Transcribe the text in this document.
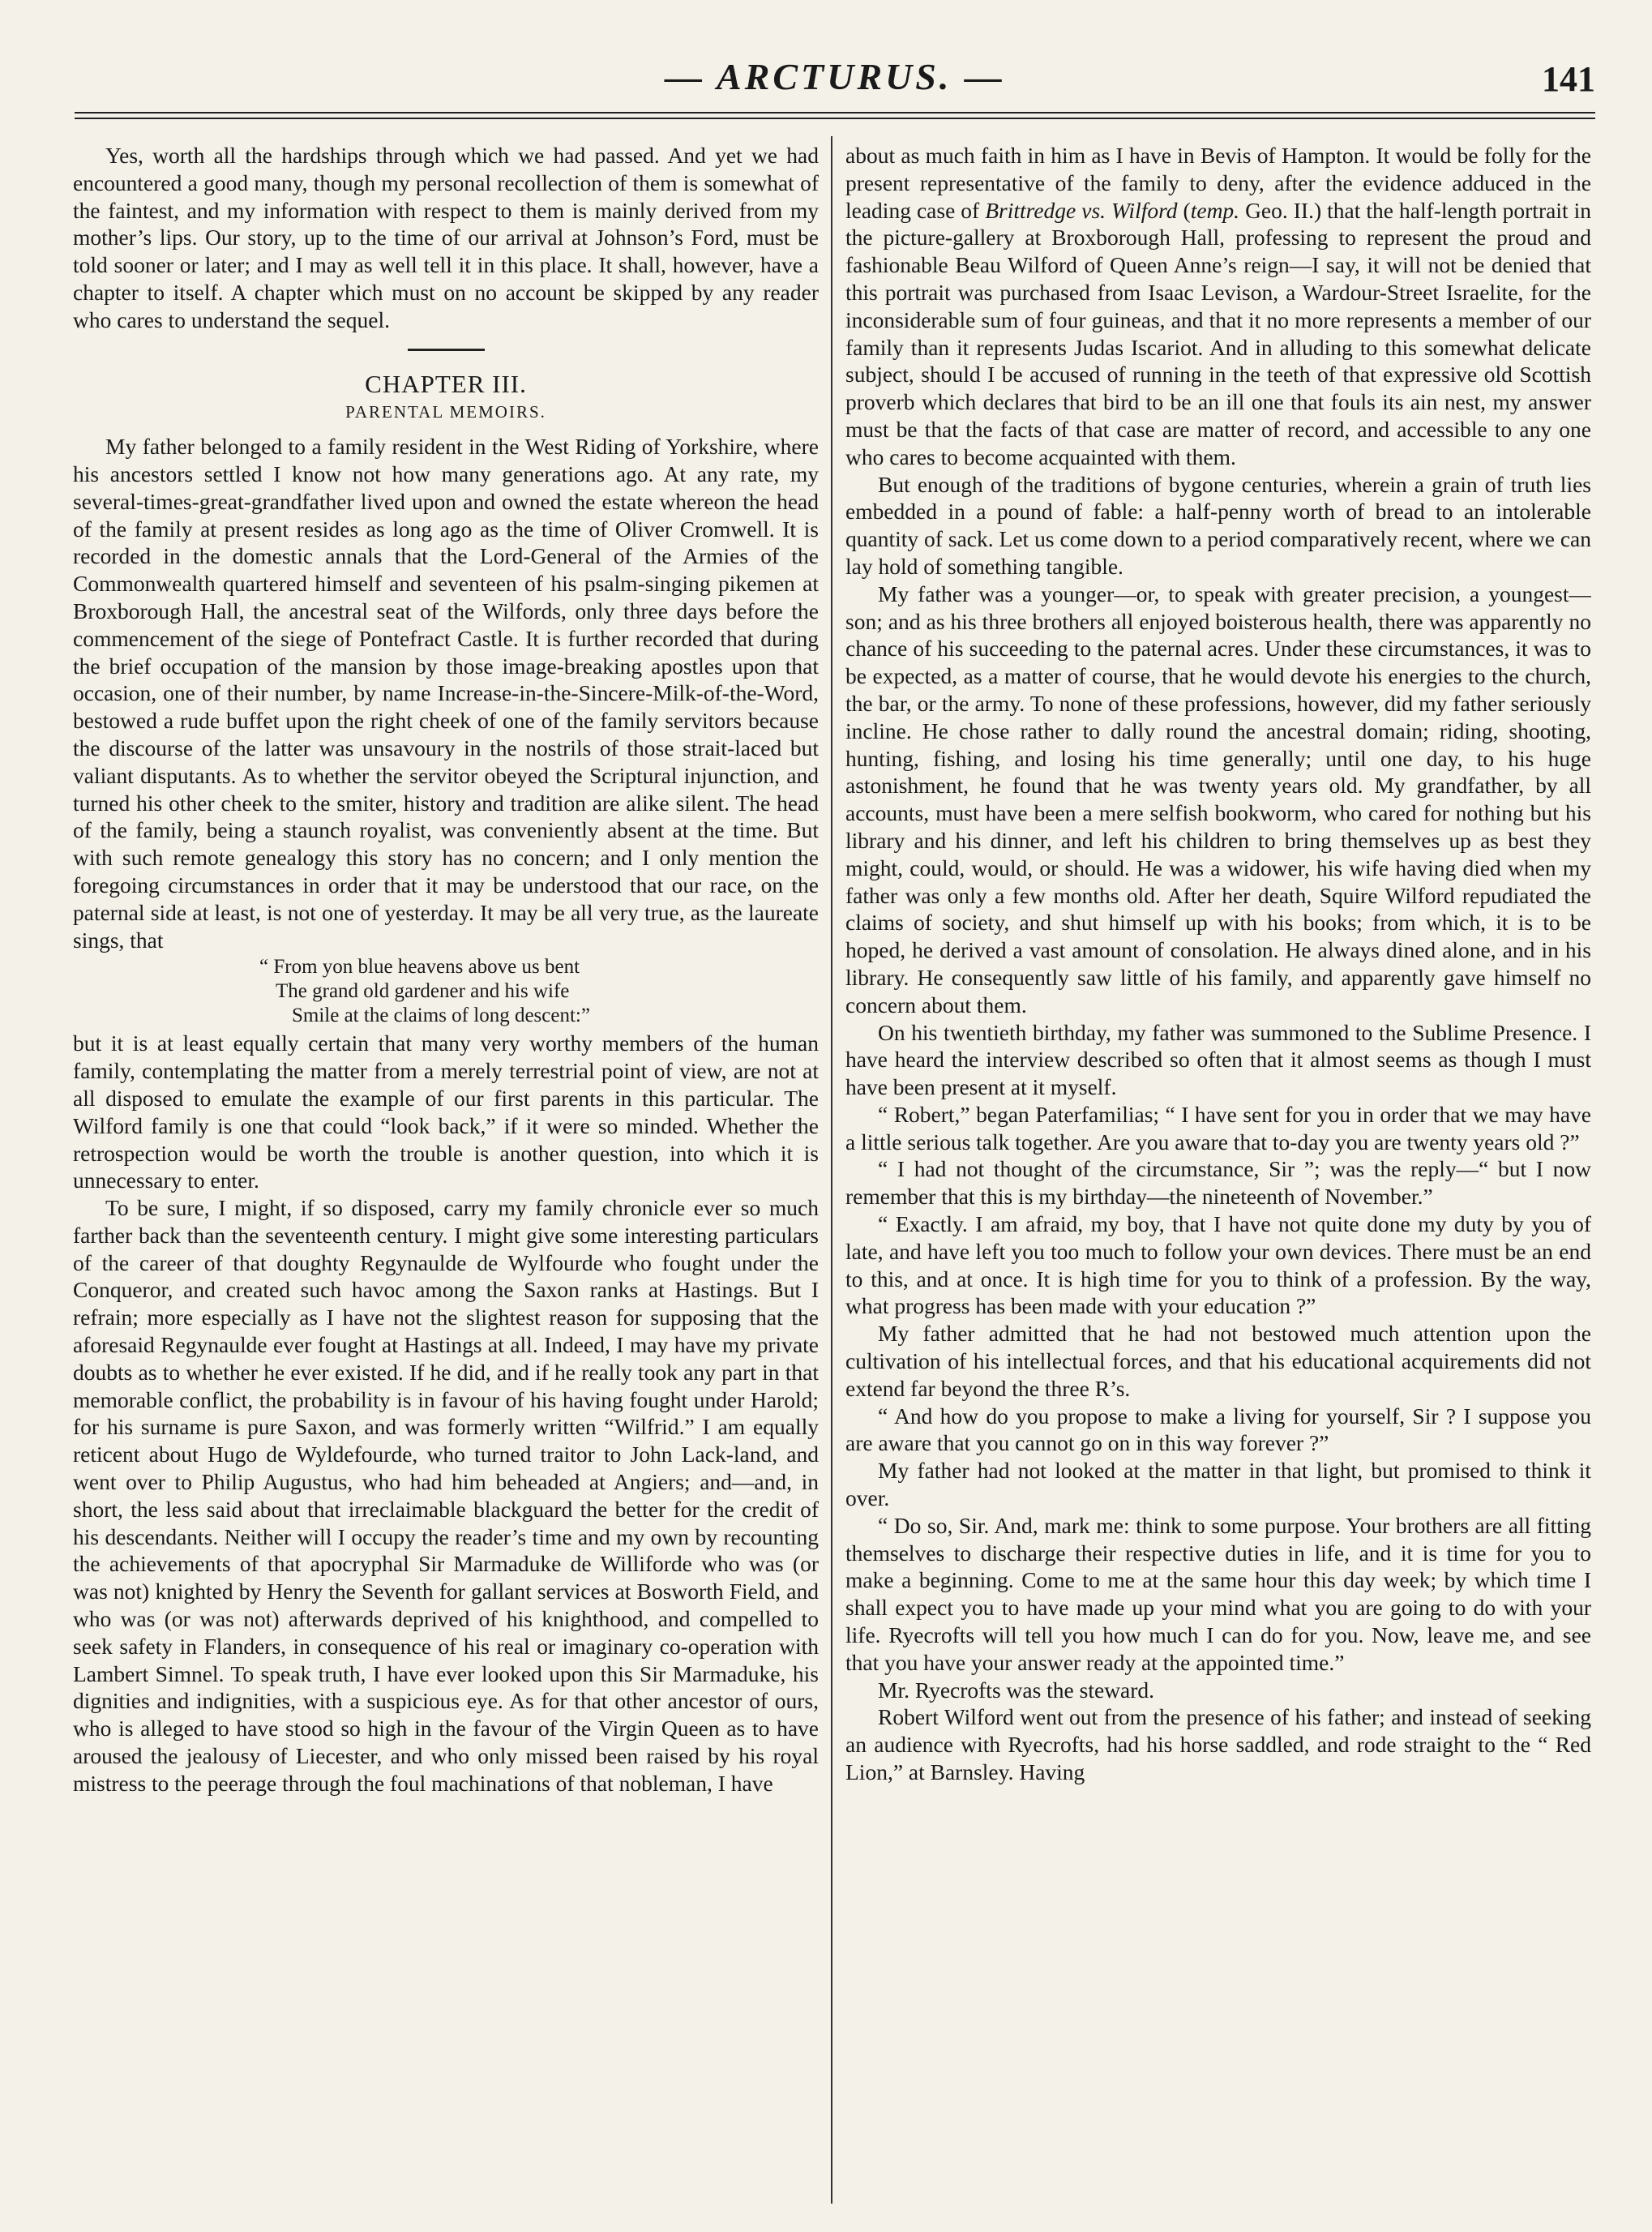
— ARCTURUS. —	141

Yes, worth all the hardships through which we had passed. And yet we had encountered a good many, though my personal recollection of them is somewhat of the faintest, and my information with respect to them is mainly derived from my mother’s lips. Our story, up to the time of our arrival at Johnson’s Ford, must be told sooner or later; and I may as well tell it in this place. It shall, however, have a chapter to itself. A chapter which must on no account be skipped by any reader who cares to understand the sequel.

CHAPTER III.
PARENTAL MEMOIRS.

My father belonged to a family resident in the West Riding of Yorkshire, where his ancestors settled I know not how many generations ago. At any rate, my several-times-great-grandfather lived upon and owned the estate whereon the head of the family at present resides as long ago as the time of Oliver Cromwell. It is recorded in the domestic annals that the Lord-General of the Armies of the Commonwealth quartered himself and seventeen of his psalm-singing pikemen at Broxborough Hall, the ancestral seat of the Wilfords, only three days before the commencement of the siege of Pontefract Castle. It is further recorded that during the brief occupation of the mansion by those image-breaking apostles upon that occasion, one of their number, by name Increase-in-the-Sincere-Milk-of-the-Word, bestowed a rude buffet upon the right cheek of one of the family servitors because the discourse of the latter was unsavoury in the nostrils of those strait-laced but valiant disputants. As to whether the servitor obeyed the Scriptural injunction, and turned his other cheek to the smiter, history and tradition are alike silent. The head of the family, being a staunch royalist, was conveniently absent at the time. But with such remote genealogy this story has no concern; and I only mention the foregoing circumstances in order that it may be understood that our race, on the paternal side at least, is not one of yesterday. It may be all very true, as the laureate sings, that

“ From yon blue heavens above us bent
The grand old gardener and his wife
Smile at the claims of long descent:”

but it is at least equally certain that many very worthy members of the human family, contemplating the matter from a merely terrestrial point of view, are not at all disposed to emulate the example of our first parents in this particular. The Wilford family is one that could “look back,” if it were so minded. Whether the retrospection would be worth the trouble is another question, into which it is unnecessary to enter.

To be sure, I might, if so disposed, carry my family chronicle ever so much farther back than the seventeenth century. I might give some interesting particulars of the career of that doughty Regynaulde de Wylfourde who fought under the Conqueror, and created such havoc among the Saxon ranks at Hastings. But I refrain; more especially as I have not the slightest reason for supposing that the aforesaid Regynaulde ever fought at Hastings at all. Indeed, I may have my private doubts as to whether he ever existed. If he did, and if he really took any part in that memorable conflict, the probability is in favour of his having fought under Harold; for his surname is pure Saxon, and was formerly written “Wilfrid.” I am equally reticent about Hugo de Wyldefourde, who turned traitor to John Lack-land, and went over to Philip Augustus, who had him beheaded at Angiers; and—and, in short, the less said about that irreclaimable blackguard the better for the credit of his descendants. Neither will I occupy the reader’s time and my own by recounting the achievements of that apocryphal Sir Marmaduke de Williforde who was (or was not) knighted by Henry the Seventh for gallant services at Bosworth Field, and who was (or was not) afterwards deprived of his knighthood, and compelled to seek safety in Flanders, in consequence of his real or imaginary co-operation with Lambert Simnel. To speak truth, I have ever looked upon this Sir Marmaduke, his dignities and indignities, with a suspicious eye. As for that other ancestor of ours, who is alleged to have stood so high in the favour of the Virgin Queen as to have aroused the jealousy of Liecester, and who only missed been raised by his royal mistress to the peerage through the foul machinations of that nobleman, I have

about as much faith in him as I have in Bevis of Hampton. It would be folly for the present representative of the family to deny, after the evidence adduced in the leading case of Brittredge vs. Wilford (temp. Geo. II.) that the half-length portrait in the picture-gallery at Broxborough Hall, professing to represent the proud and fashionable Beau Wilford of Queen Anne’s reign—I say, it will not be denied that this portrait was purchased from Isaac Levison, a Wardour-Street Israelite, for the inconsiderable sum of four guineas, and that it no more represents a member of our family than it represents Judas Iscariot. And in alluding to this somewhat delicate subject, should I be accused of running in the teeth of that expressive old Scottish proverb which declares that bird to be an ill one that fouls its ain nest, my answer must be that the facts of that case are matter of record, and accessible to any one who cares to become acquainted with them.

But enough of the traditions of bygone centuries, wherein a grain of truth lies embedded in a pound of fable: a half-penny worth of bread to an intolerable quantity of sack. Let us come down to a period comparatively recent, where we can lay hold of something tangible.

My father was a younger—or, to speak with greater precision, a youngest—son; and as his three brothers all enjoyed boisterous health, there was apparently no chance of his succeeding to the paternal acres. Under these circumstances, it was to be expected, as a matter of course, that he would devote his energies to the church, the bar, or the army. To none of these professions, however, did my father seriously incline. He chose rather to dally round the ancestral domain; riding, shooting, hunting, fishing, and losing his time generally; until one day, to his huge astonishment, he found that he was twenty years old. My grandfather, by all accounts, must have been a mere selfish bookworm, who cared for nothing but his library and his dinner, and left his children to bring themselves up as best they might, could, would, or should. He was a widower, his wife having died when my father was only a few months old. After her death, Squire Wilford repudiated the claims of society, and shut himself up with his books; from which, it is to be hoped, he derived a vast amount of consolation. He always dined alone, and in his library. He consequently saw little of his family, and apparently gave himself no concern about them.

On his twentieth birthday, my father was summoned to the Sublime Presence. I have heard the interview described so often that it almost seems as though I must have been present at it myself.

“ Robert,” began Paterfamilias; “ I have sent for you in order that we may have a little serious talk together. Are you aware that to-day you are twenty years old ?”

“ I had not thought of the circumstance, Sir ”; was the reply—“ but I now remember that this is my birthday—the nineteenth of November.”

“ Exactly. I am afraid, my boy, that I have not quite done my duty by you of late, and have left you too much to follow your own devices. There must be an end to this, and at once. It is high time for you to think of a profession. By the way, what progress has been made with your education ?”

My father admitted that he had not bestowed much attention upon the cultivation of his intellectual forces, and that his educational acquirements did not extend far beyond the three R’s.

“ And how do you propose to make a living for yourself, Sir ? I suppose you are aware that you cannot go on in this way forever ?”

My father had not looked at the matter in that light, but promised to think it over.

“ Do so, Sir. And, mark me: think to some purpose. Your brothers are all fitting themselves to discharge their respective duties in life, and it is time for you to make a beginning. Come to me at the same hour this day week; by which time I shall expect you to have made up your mind what you are going to do with your life. Ryecrofts will tell you how much I can do for you. Now, leave me, and see that you have your answer ready at the appointed time.”

Mr. Ryecrofts was the steward.

Robert Wilford went out from the presence of his father; and instead of seeking an audience with Ryecrofts, had his horse saddled, and rode straight to the “ Red Lion,” at Barnsley. Having
